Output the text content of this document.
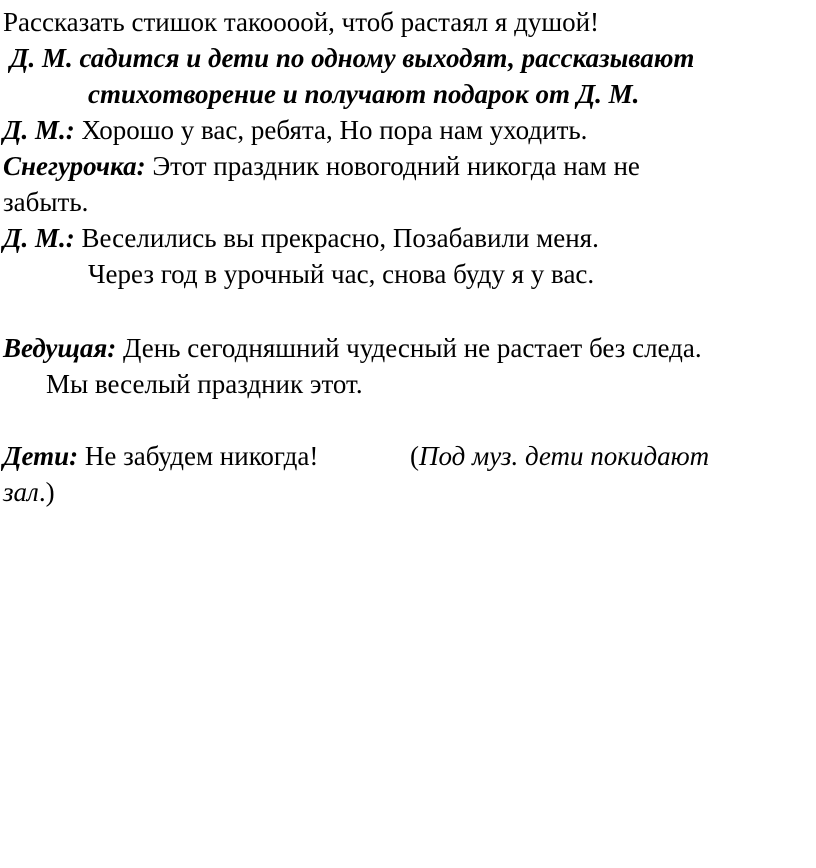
Рассказать стишок такоооой, чтоб растаял я душой!
Д. М. садится и дети по одному выходят, рассказывают
стихотворение и получают подарок от Д. М.
Д. М.: Хорошо у вас, ребята, Но пора нам уходить.
Снегурочка: Этот праздник новогодний никогда нам не
забыть.
Д. М.: Веселились вы прекрасно, Позабавили меня.
Через год в урочный час, снова буду я у вас.
Ведущая: День сегодняшний чудесный не растает без следа.
Мы веселый праздник этот.
Дети: Не забудем никогда!	(Под муз. дети покидают
зал.)
